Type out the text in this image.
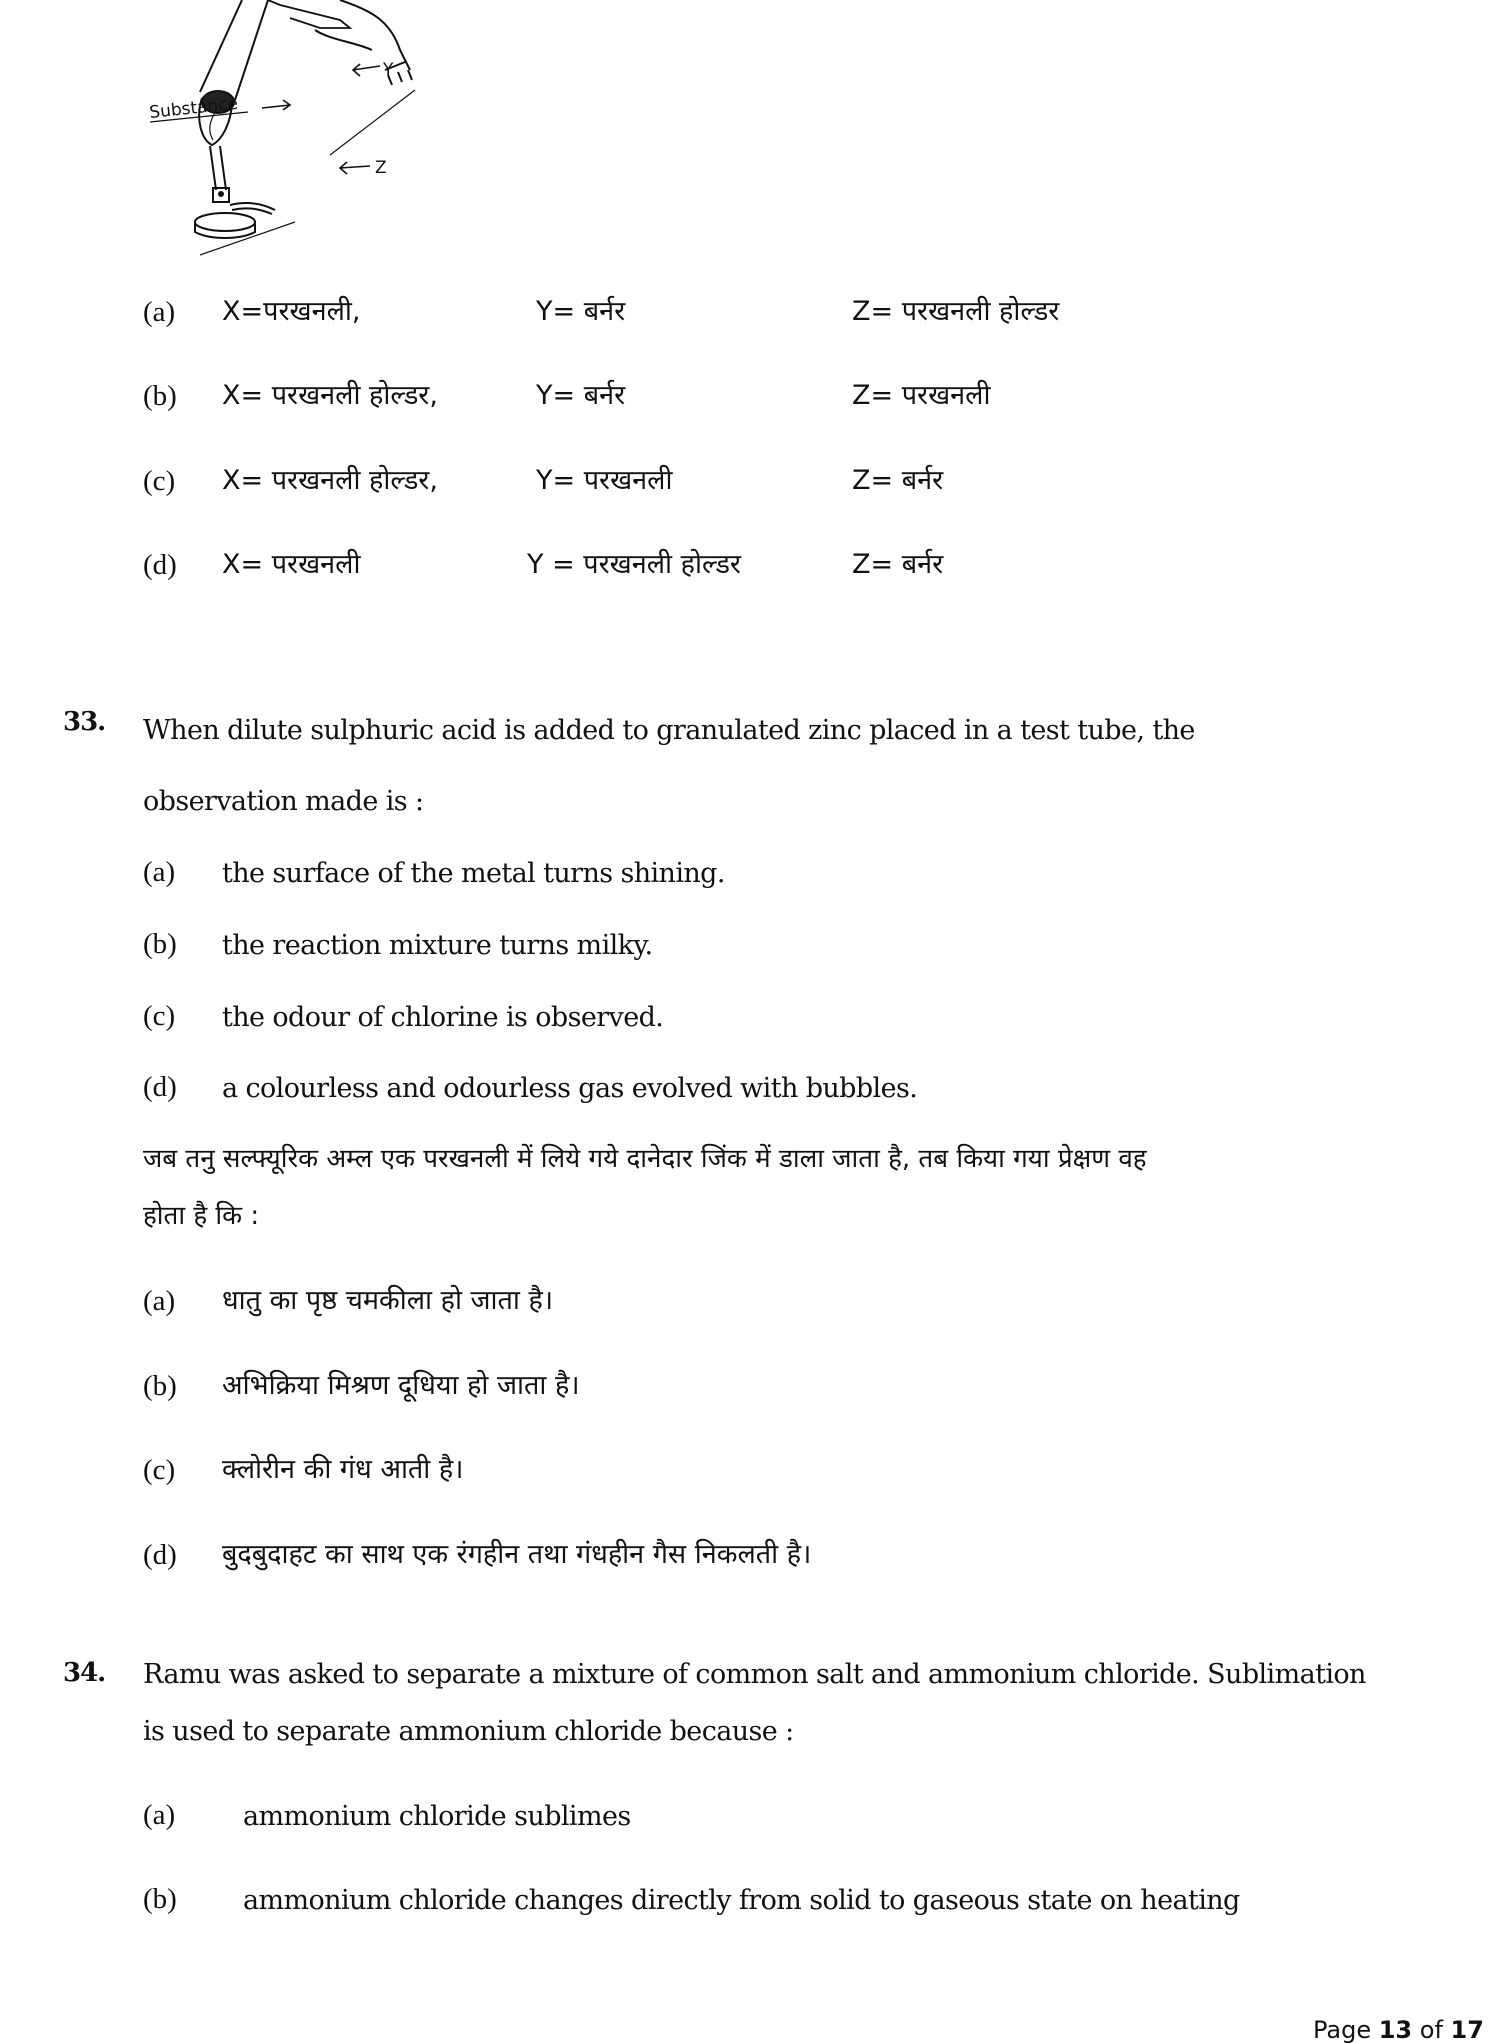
Substance
Y
Z
(a) X=परखनली,	Y= बर्नर	Z= परखनली होल्डर
(b) X= परखनली होल्डर,	Y= बर्नर	Z= परखनली
(c) X= परखनली होल्डर,	Y= परखनली	Z= बर्नर
(d) X= परखनली	Y = परखनली होल्डर	Z= बर्नर
33. When dilute sulphuric acid is added to granulated zinc placed in a test tube, the
observation made is :
(a) the surface of the metal turns shining.
(b) the reaction mixture turns milky.
(c) the odour of chlorine is observed.
(d) a colourless and odourless gas evolved with bubbles.
जब तनु सल्फ्यूरिक अम्ल एक परखनली में लिये गये दानेदार जिंक में डाला जाता है, तब किया गया प्रेक्षण वह
होता है कि :
(a) धातु का पृष्ठ चमकीला हो जाता है।
(b) अभिक्रिया मिश्रण दूधिया हो जाता है।
(c) क्लोरीन की गंध आती है।
(d) बुदबुदाहट का साथ एक रंगहीन तथा गंधहीन गैस निकलती है।
34. Ramu was asked to separate a mixture of common salt and ammonium chloride. Sublimation
is used to separate ammonium chloride because :
(a)	ammonium chloride sublimes
(b) ammonium chloride changes directly from solid to gaseous state on heating
Page 13 of 17
